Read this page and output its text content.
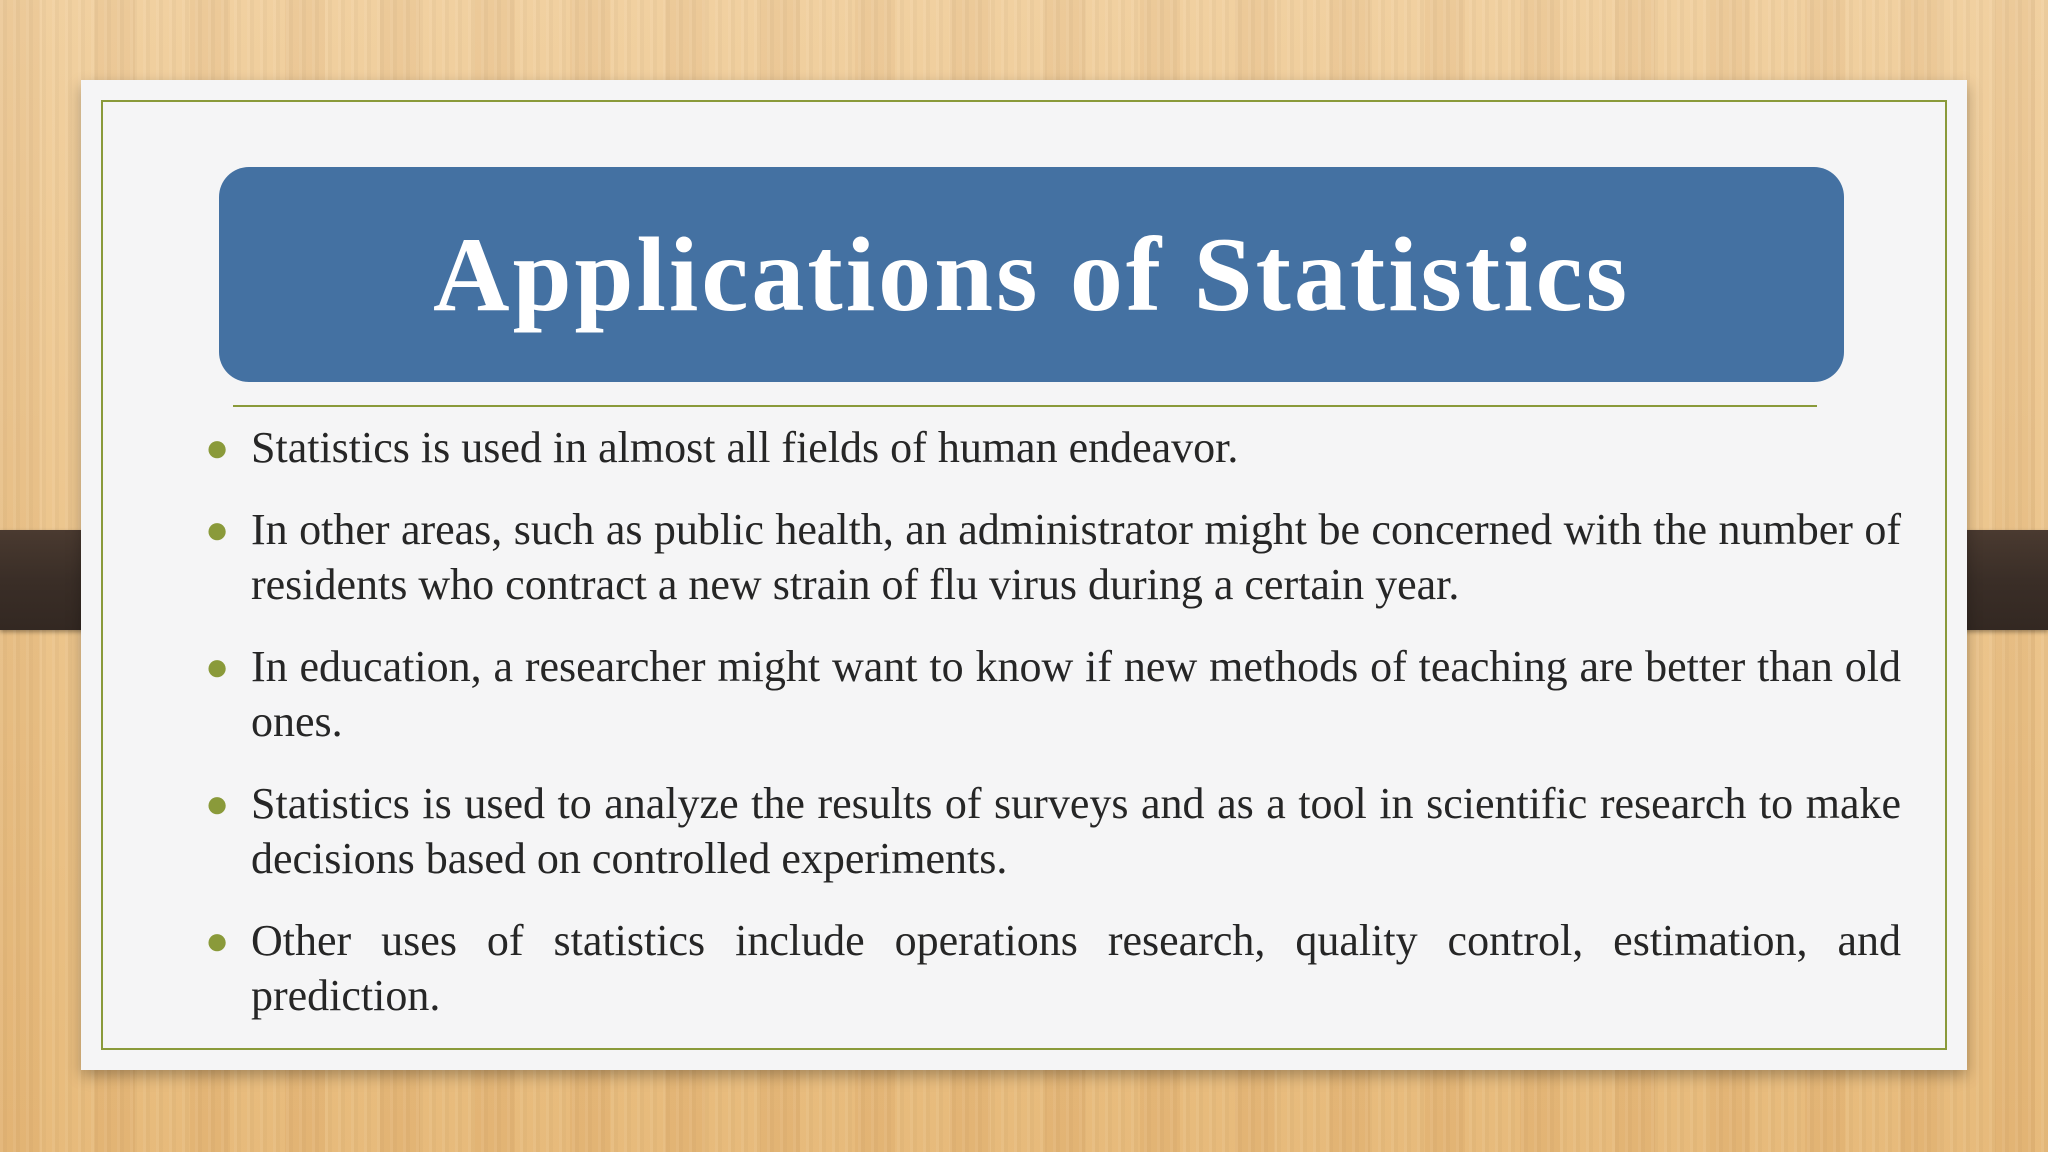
Applications of Statistics
● Statistics is used in almost all fields of human endeavor.
● In other areas, such as public health, an administrator might be concerned with the number of residents who contract a new strain of flu virus during a certain year.
● In education, a researcher might want to know if new methods of teaching are better than old ones.
● Statistics is used to analyze the results of surveys and as a tool in scientific research to make decisions based on controlled experiments.
● Other uses of statistics include operations research, quality control, estimation, and prediction.
